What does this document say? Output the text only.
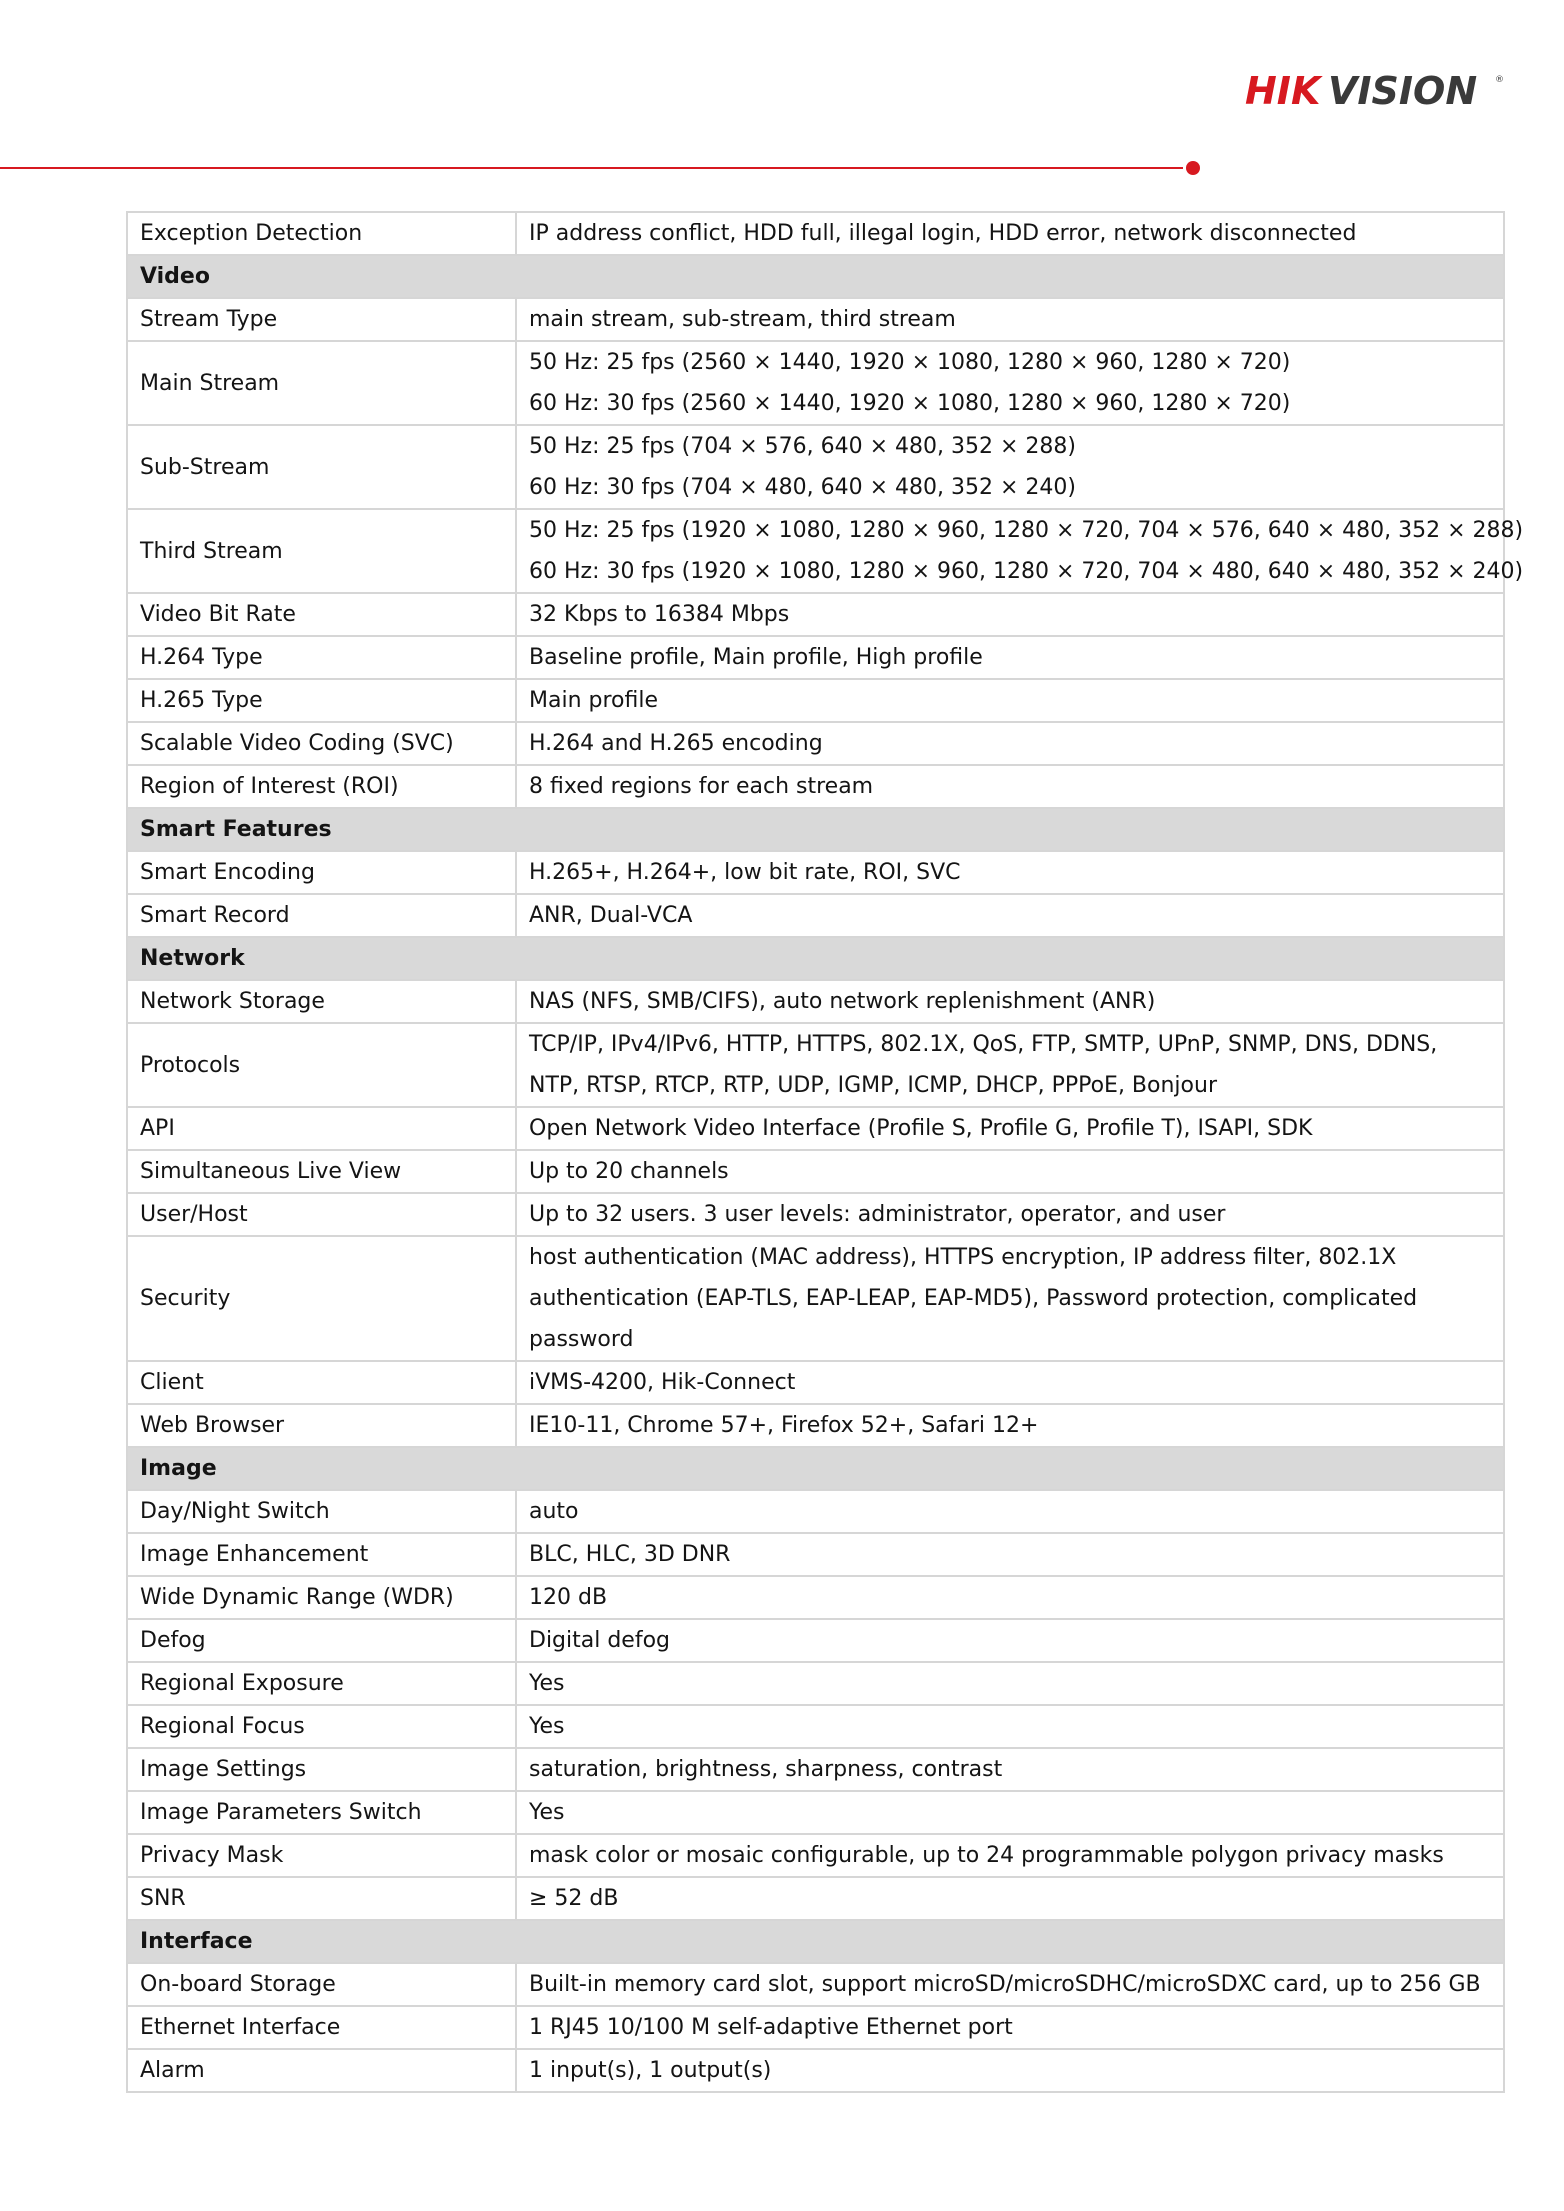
HIK VISION ®
Exception Detection	IP address conflict, HDD full, illegal login, HDD error, network disconnected

Video	
Stream Type	main stream, sub-stream, third stream

Main Stream	50 Hz: 25 fps (2560 × 1440, 1920 × 1080, 1280 × 960, 1280 × 720)
60 Hz: 30 fps (2560 × 1440, 1920 × 1080, 1280 × 960, 1280 × 720)

Sub-Stream	50 Hz: 25 fps (704 × 576, 640 × 480, 352 × 288)
60 Hz: 30 fps (704 × 480, 640 × 480, 352 × 240)

Third Stream	50 Hz: 25 fps (1920 × 1080, 1280 × 960, 1280 × 720, 704 × 576, 640 × 480, 352 × 288)
60 Hz: 30 fps (1920 × 1080, 1280 × 960, 1280 × 720, 704 × 480, 640 × 480, 352 × 240)

Video Bit Rate	32 Kbps to 16384 Mbps

H.264 Type	Baseline profile, Main profile, High profile

H.265 Type	Main profile

Scalable Video Coding (SVC)	H.264 and H.265 encoding

Region of Interest (ROI)	8 fixed regions for each stream

Smart Features	
Smart Encoding	H.265+, H.264+, low bit rate, ROI, SVC

Smart Record	ANR, Dual-VCA

Network	
Network Storage	NAS (NFS, SMB/CIFS), auto network replenishment (ANR)

Protocols	TCP/IP, IPv4/IPv6, HTTP, HTTPS, 802.1X, QoS, FTP, SMTP, UPnP, SNMP, DNS, DDNS,
NTP, RTSP, RTCP, RTP, UDP, IGMP, ICMP, DHCP, PPPoE, Bonjour

API	Open Network Video Interface (Profile S, Profile G, Profile T), ISAPI, SDK

Simultaneous Live View	Up to 20 channels

User/Host	Up to 32 users. 3 user levels: administrator, operator, and user

Security	host authentication (MAC address), HTTPS encryption, IP address filter, 802.1X
authentication (EAP-TLS, EAP-LEAP, EAP-MD5), Password protection, complicated
password

Client	iVMS-4200, Hik-Connect

Web Browser	IE10-11, Chrome 57+, Firefox 52+, Safari 12+

Image	
Day/Night Switch	auto

Image Enhancement	BLC, HLC, 3D DNR

Wide Dynamic Range (WDR)	120 dB

Defog	Digital defog

Regional Exposure	Yes

Regional Focus	Yes

Image Settings	saturation, brightness, sharpness, contrast

Image Parameters Switch	Yes

Privacy Mask	mask color or mosaic configurable, up to 24 programmable polygon privacy masks

SNR	≥ 52 dB

Interface	
On-board Storage	Built-in memory card slot, support microSD/microSDHC/microSDXC card, up to 256 GB

Ethernet Interface	1 RJ45 10/100 M self-adaptive Ethernet port

Alarm	1 input(s), 1 output(s)
